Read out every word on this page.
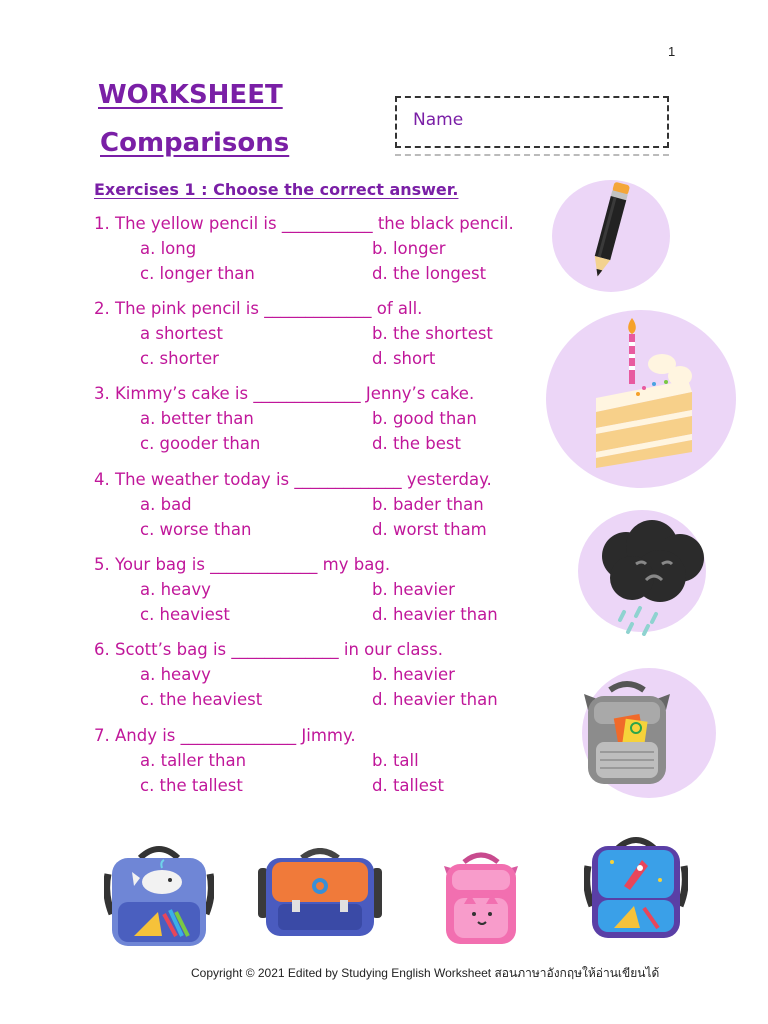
1
WORKSHEET
Comparisons
Name
Exercises 1 : Choose the correct answer.
1. The yellow pencil is ___________ the black pencil.
a. long	b. longer
c. longer than	d. the longest
2. The pink pencil is _____________ of all.
a shortest	b. the shortest
c. shorter	d. short
3. Kimmy’s cake is _____________ Jenny’s cake.
a. better than	b. good than
c. gooder than	d. the best
4. The weather today is _____________ yesterday.
a. bad	b. bader than
c. worse than	d. worst tham
5. Your bag is _____________ my bag.
a. heavy	b. heavier
c. heaviest	d. heavier than
6. Scott’s bag is _____________ in our class.
a. heavy	b. heavier
c. the heaviest	d. heavier than
7. Andy is ______________ Jimmy.
a. taller than	b. tall
c. the tallest	d. tallest
Copyright © 2021 Edited by Studying English Worksheet สอนภาษาอังกฤษให้อ่านเขียนได้
